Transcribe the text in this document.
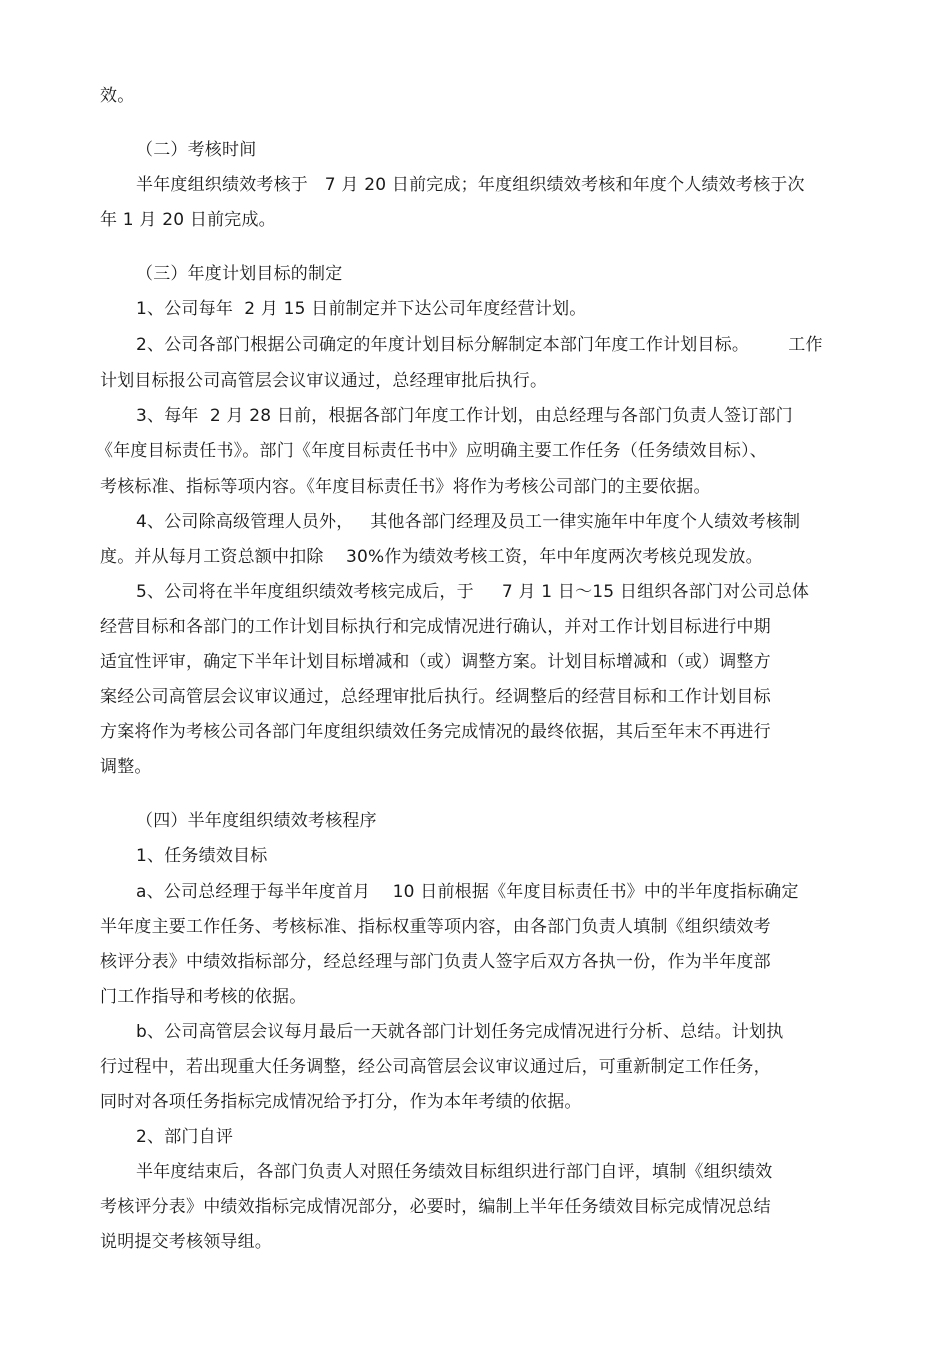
效。
（二）考核时间
半年度组织绩效考核于   7 月 20 日前完成；年度组织绩效考核和年度个人绩效考核于次
年 1 月 20 日前完成。
（三）年度计划目标的制定
1、公司每年  2 月 15 日前制定并下达公司年度经营计划。
2、公司各部门根据公司确定的年度计划目标分解制定本部门年度工作计划目标。       工作
计划目标报公司高管层会议审议通过，总经理审批后执行。
3、每年  2 月 28 日前，根据各部门年度工作计划，由总经理与各部门负责人签订部门
《年度目标责任书》。部门《年度目标责任书中》应明确主要工作任务（任务绩效目标）、
考核标准、指标等项内容。《年度目标责任书》将作为考核公司部门的主要依据。
4、公司除高级管理人员外，   其他各部门经理及员工一律实施年中年度个人绩效考核制
度。并从每月工资总额中扣除    30%作为绩效考核工资，年中年度两次考核兑现发放。
5、公司将在半年度组织绩效考核完成后，于     7 月 1 日～15 日组织各部门对公司总体
经营目标和各部门的工作计划目标执行和完成情况进行确认，并对工作计划目标进行中期
适宜性评审，确定下半年计划目标增减和（或）调整方案。计划目标增减和（或）调整方
案经公司高管层会议审议通过，总经理审批后执行。经调整后的经营目标和工作计划目标
方案将作为考核公司各部门年度组织绩效任务完成情况的最终依据，其后至年末不再进行
调整。
（四）半年度组织绩效考核程序
1、任务绩效目标
a、公司总经理于每半年度首月    10 日前根据《年度目标责任书》中的半年度指标确定
半年度主要工作任务、考核标准、指标权重等项内容，由各部门负责人填制《组织绩效考
核评分表》中绩效指标部分，经总经理与部门负责人签字后双方各执一份，作为半年度部
门工作指导和考核的依据。
b、公司高管层会议每月最后一天就各部门计划任务完成情况进行分析、总结。计划执
行过程中，若出现重大任务调整，经公司高管层会议审议通过后，可重新制定工作任务，
同时对各项任务指标完成情况给予打分，作为本年考绩的依据。
2、部门自评
半年度结束后，各部门负责人对照任务绩效目标组织进行部门自评，填制《组织绩效
考核评分表》中绩效指标完成情况部分，必要时，编制上半年任务绩效目标完成情况总结
说明提交考核领导组。
